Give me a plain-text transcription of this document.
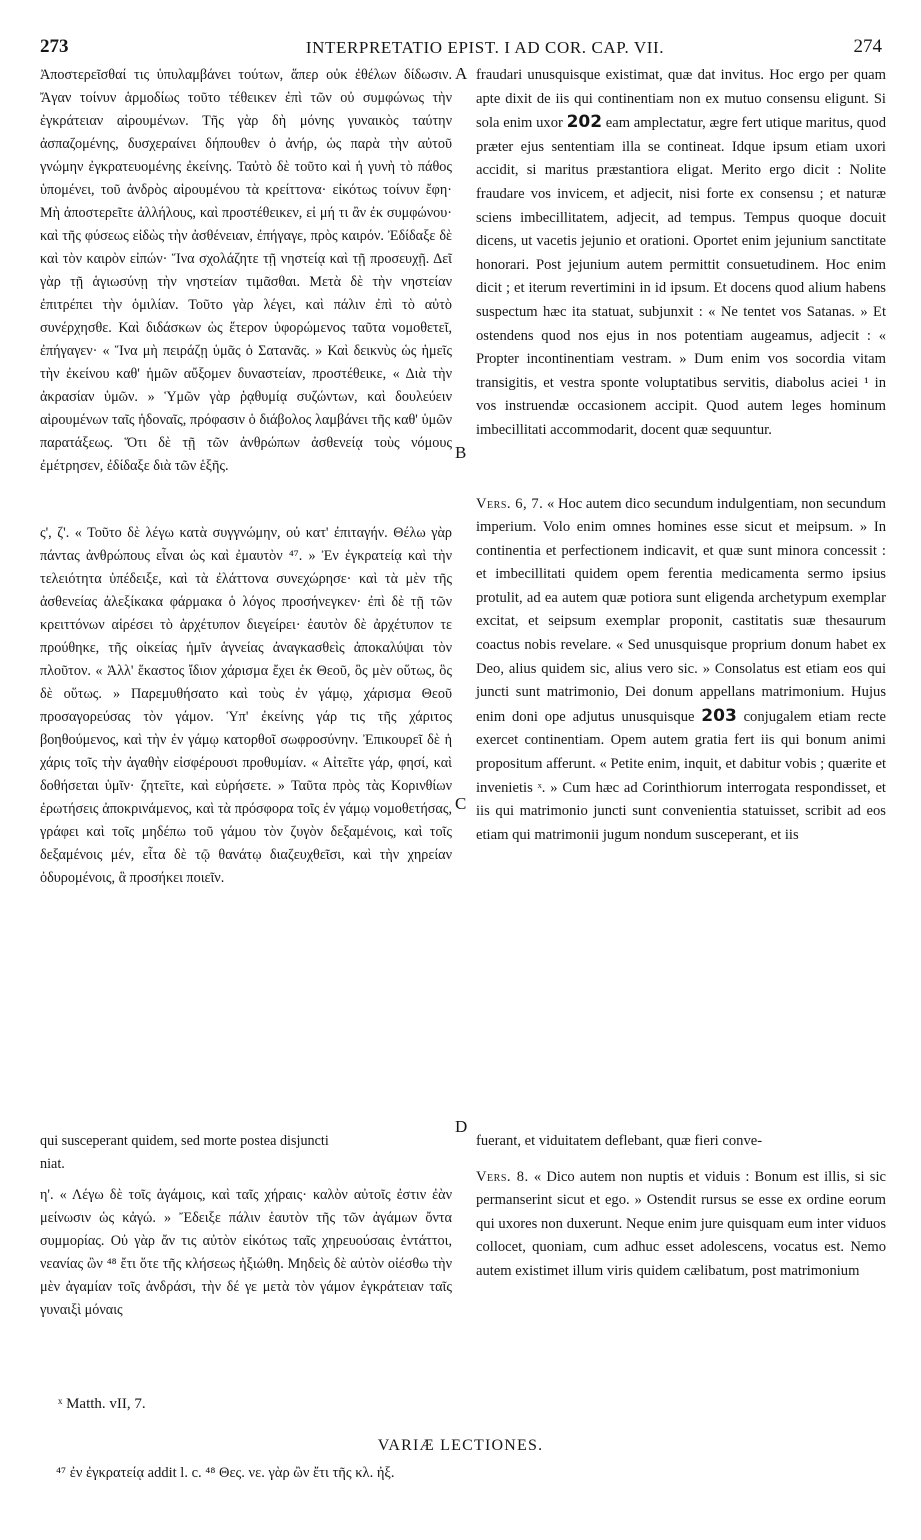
273	INTERPRETATIO EPIST. I AD COR. CAP. VII.	274
A
B
C
D

Ἀποστερεῖσθαί τις ὑπυλαμβάνει τούτων, ἅπερ οὐκ ἐθέλων δίδωσιν. Ἄγαν τοίνυν ἁρμοδίως τοῦτο τέθεικεν ἐπὶ τῶν οὐ συμφώνως τὴν ἐγκράτειαν αἱρουμένων. Τῆς γὰρ δὴ μόνης γυναικὸς ταύτην ἀσπαζομένης, δυσχεραίνει δήπουθεν ὁ ἀνήρ, ὡς παρὰ τὴν αὐτοῦ γνώμην ἐγκρατευομένης ἐκείνης. Ταὐτὸ δὲ τοῦτο καὶ ἡ γυνὴ τὸ πάθος ὑπομένει, τοῦ ἀνδρὸς αἱρουμένου τὰ κρείττονα· εἰκότως τοίνυν ἔφη· Μὴ ἀποστερεῖτε ἀλλήλους, καὶ προστέθεικεν, εἰ μή τι ἂν ἐκ συμφώνου· καὶ τῆς φύσεως εἰδὼς τὴν ἀσθένειαν, ἐπήγαγε, πρὸς καιρόν. Ἐδίδαξε δὲ καὶ τὸν καιρὸν εἰπών· Ἵνα σχολάζητε τῇ νηστείᾳ καὶ τῇ προσευχῇ. Δεῖ γὰρ τῇ ἁγιωσύνῃ τὴν νηστείαν τιμᾶσθαι. Μετὰ δὲ τὴν νηστείαν ἐπιτρέπει τὴν ὁμιλίαν. Τοῦτο γὰρ λέγει, καὶ πάλιν ἐπὶ τὸ αὐτὸ συνέρχησθε. Καὶ διδάσκων ὡς ἕτερον ὑφορώμενος ταῦτα νομοθετεῖ, ἐπήγαγεν· « Ἵνα μὴ πειράζῃ ὑμᾶς ὁ Σατανᾶς. » Καὶ δεικνὺς ὡς ἡμεῖς τὴν ἐκείνου καθ' ἡμῶν αὔξομεν δυναστείαν, προστέθεικε, « Διὰ τὴν ἀκρασίαν ὑμῶν. » Ὑμῶν γὰρ ῥᾳθυμίᾳ συζώντων, καὶ δουλεύειν αἱρουμένων ταῖς ἡδοναῖς, πρόφασιν ὁ διάβολος λαμβάνει τῆς καθ' ὑμῶν παρατάξεως. Ὅτι δὲ τῇ τῶν ἀνθρώπων ἀσθενείᾳ τοὺς νόμους ἐμέτρησεν, ἐδίδαξε διὰ τῶν ἑξῆς.

ς', ζ'. « Τοῦτο δὲ λέγω κατὰ συγγνώμην, οὐ κατ' ἐπιταγήν. Θέλω γὰρ πάντας ἀνθρώπους εἶναι ὡς καὶ ἐμαυτὸν ⁴⁷. » Ἐν ἐγκρατείᾳ καὶ τὴν τελειότητα ὑπέδειξε, καὶ τὰ ἐλάττονα συνεχώρησε· καὶ τὰ μὲν τῆς ἀσθενείας ἀλεξίκακα φάρμακα ὁ λόγος προσήνεγκεν· ἐπὶ δὲ τῇ τῶν κρειττόνων αἱρέσει τὸ ἀρχέτυπον διεγείρει· ἑαυτὸν δὲ ἀρχέτυπον τε προύθηκε, τῆς οἰκείας ἡμῖν ἁγνείας ἀναγκασθεὶς ἀποκαλύψαι τὸν πλοῦτον. « Ἀλλ' ἕκαστος ἴδιον χάρισμα ἔχει ἐκ Θεοῦ, ὃς μὲν οὕτως, ὃς δὲ οὕτως. » Παρεμυθήσατο καὶ τοὺς ἐν γάμῳ, χάρισμα Θεοῦ προσαγορεύσας τὸν γάμον. Ὑπ' ἐκείνης γάρ τις τῆς χάριτος βοηθούμενος, καὶ τὴν ἐν γάμῳ κατορθοῖ σωφροσύνην. Ἐπικουρεῖ δὲ ἡ χάρις τοῖς τὴν ἀγαθὴν εἰσφέρουσι προθυμίαν. « Αἰτεῖτε γάρ, φησί, καὶ δοθήσεται ὑμῖν· ζητεῖτε, καὶ εὑρήσετε. » Ταῦτα πρὸς τὰς Κορινθίων ἐρωτήσεις ἀποκρινάμενος, καὶ τὰ πρόσφορα τοῖς ἐν γάμῳ νομοθετήσας, γράφει καὶ τοῖς μηδέπω τοῦ γάμου τὸν ζυγὸν δεξαμένοις, καὶ τοῖς δεξαμένοις μέν, εἶτα δὲ τῷ θανάτῳ διαζευχθεῖσι, καὶ τὴν χηρείαν ὀδυρομένοις, ἃ προσήκει ποιεῖν.

fraudari unusquisque existimat, quæ dat invitus. Hoc ergo per quam apte dixit de iis qui continentiam non ex mutuo consensu eligunt. Si sola enim uxor 202 eam amplectatur, ægre fert utique maritus, quod præter ejus sententiam illa se contineat. Idque ipsum etiam uxori accidit, si maritus præstantiora eligat. Merito ergo dicit : Nolite fraudare vos invicem, et adjecit, nisi forte ex consensu ; et naturæ sciens imbecillitatem, adjecit, ad tempus. Tempus quoque docuit dicens, ut vacetis jejunio et orationi. Oportet enim jejunium sanctitate honorari. Post jejunium autem permittit consuetudinem. Hoc enim dicit ; et iterum revertimini in id ipsum. Et docens quod alium habens suspectum hæc ita statuat, subjunxit : « Ne tentet vos Satanas. » Et ostendens quod nos ejus in nos potentiam augeamus, adjecit : « Propter incontinentiam vestram. » Dum enim vos socordia vitam transigitis, et vestra sponte voluptatibus servitis, diabolus aciei ¹ in vos instruendæ occasionem accipit. Quod autem leges hominum imbecillitati accommodarit, docent quæ sequuntur.

Vers. 6, 7. « Hoc autem dico secundum indulgentiam, non secundum imperium. Volo enim omnes homines esse sicut et meipsum. » In continentia et perfectionem indicavit, et quæ sunt minora concessit : et imbecillitati quidem opem ferentia medicamenta sermo ipsius protulit, ad ea autem quæ potiora sunt eligenda archetypum exemplar excitat, et seipsum exemplar proponit, castitatis suæ thesaurum coactus nobis revelare. « Sed unusquisque proprium donum habet ex Deo, alius quidem sic, alius vero sic. » Consolatus est etiam eos qui juncti sunt matrimonio, Dei donum appellans matrimonium. Hujus enim doni ope adjutus unusquisque 203 conjugalem etiam recte exercet continentiam. Opem autem gratia fert iis qui bonum animi propositum afferunt. « Petite enim, inquit, et dabitur vobis ; quærite et invenietis ˣ. » Cum hæc ad Corinthiorum interrogata respondisset, et iis qui matrimonio juncti sunt convenientia statuisset, scribit ad eos etiam qui matrimonii jugum nondum susceperant, et iis

qui susceperant quidem, sed morte postea disjuncti
niat.

η'. « Λέγω δὲ τοῖς ἀγάμοις, καὶ ταῖς χήραις· καλὸν αὐτοῖς ἐστιν ἐὰν μείνωσιν ὡς κἀγώ. » Ἔδειξε πάλιν ἑαυτὸν τῆς τῶν ἀγάμων ὄντα συμμορίας. Οὐ γὰρ ἄν τις αὐτὸν εἰκότως ταῖς χηρευούσαις ἐντάττοι, νεανίας ὢν ⁴⁸ ἔτι ὅτε τῆς κλήσεως ἠξιώθη. Μηδεὶς δὲ αὐτὸν οἰέσθω τὴν μὲν ἀγαμίαν τοῖς ἀνδράσι, τὴν δέ γε μετὰ τὸν γάμον ἐγκράτειαν ταῖς γυναιξὶ μόναις

fuerant, et viduitatem deflebant, quæ fieri conve-

Vers. 8. « Dico autem non nuptis et viduis : Bonum est illis, si sic permanserint sicut et ego. » Ostendit rursus se esse ex ordine eorum qui uxores non duxerunt. Neque enim jure quisquam eum inter viduos collocet, quoniam, cum adhuc esset adolescens, vocatus est. Nemo autem existimet illum viris quidem cælibatum, post matrimonium

ˣ Matth. vII, 7.
VARIÆ LECTIONES.
⁴⁷ ἐν ἐγκρατείᾳ addit l. c. ⁴⁸ Θες. νε. γὰρ ὢν ἔτι τῆς κλ. ἠξ.
